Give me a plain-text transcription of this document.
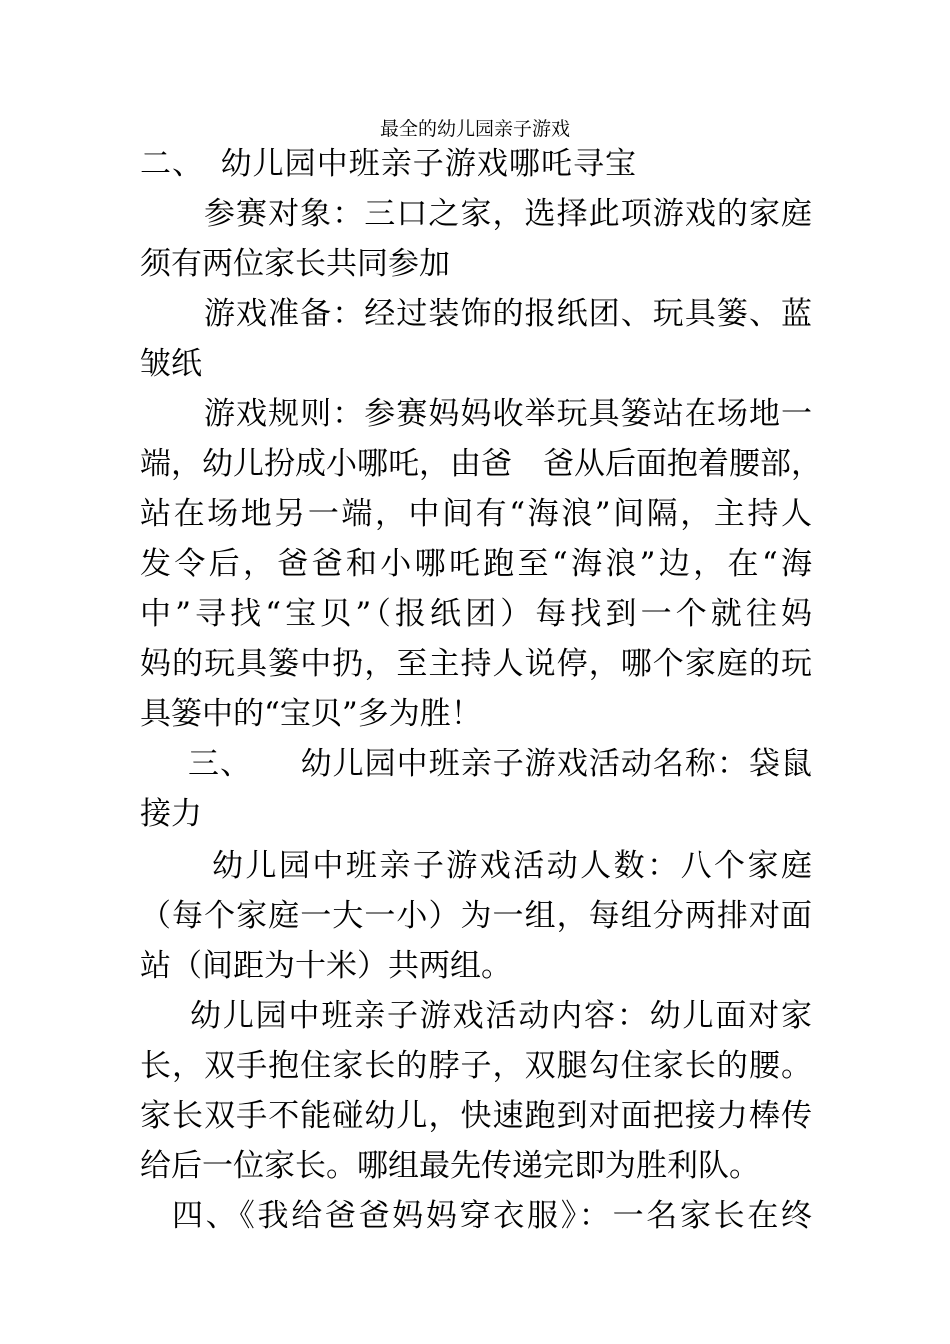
最全的幼儿园亲子游戏
二、　幼儿园中班亲子游戏哪吒寻宝
参赛对象：三口之家，选择此项游戏的家庭
须有两位家长共同参加
游戏准备：经过装饰的报纸团、玩具篓、蓝
皱纸
游戏规则：参赛妈妈收举玩具篓站在场地一
端，幼儿扮成小哪吒，由爸　爸从后面抱着腰部，
站在场地另一端，中间有“海浪”间隔，主持人
发令后，爸爸和小哪吒跑至“海浪”边，在“海
中”寻找“宝贝”（报纸团）每找到一个就往妈
妈的玩具篓中扔，至主持人说停，哪个家庭的玩
具篓中的“宝贝”多为胜！
三、　　幼儿园中班亲子游戏活动名称：袋鼠
接力
幼儿园中班亲子游戏活动人数：八个家庭
（每个家庭一大一小）为一组，每组分两排对面
站（间距为十米）共两组。
幼儿园中班亲子游戏活动内容：幼儿面对家
长，双手抱住家长的脖子，双腿勾住家长的腰。
家长双手不能碰幼儿，快速跑到对面把接力棒传
给后一位家长。哪组最先传递完即为胜利队。
四、《我给爸爸妈妈穿衣服》：一名家长在终
